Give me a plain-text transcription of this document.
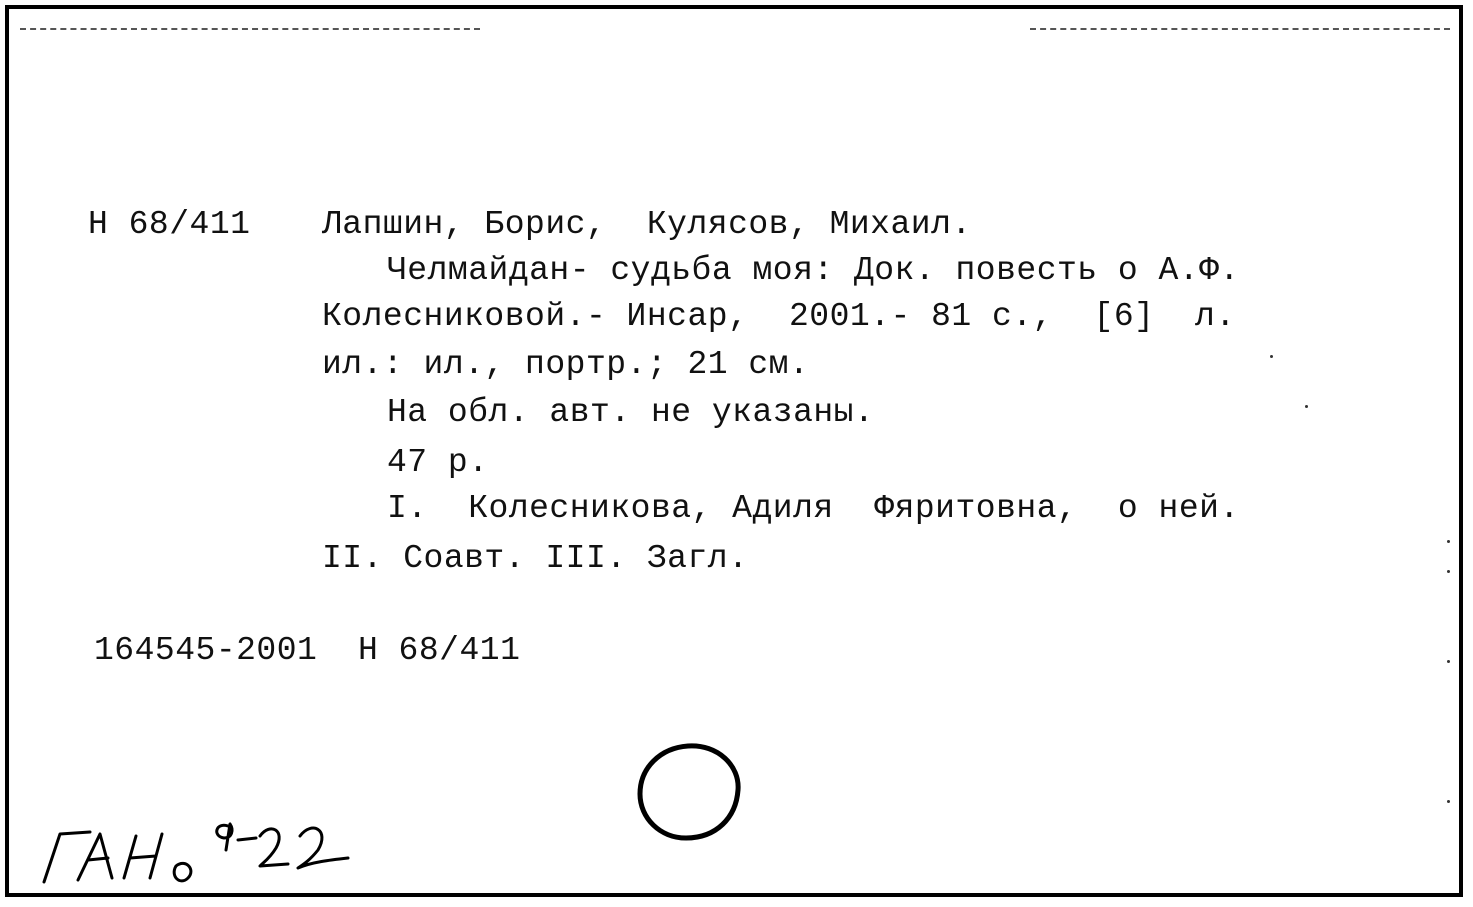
Н 68/411 Лапшин, Борис,  Кулясов, Михаил.
Челмайдан- судьба моя: Док. повесть о А.Ф.
Колесниковой.- Инсар,  2001.- 81 с.,  [6]  л.
ил.: ил., портр.; 21 см.
На обл. авт. не указаны.
47 р.
I.  Колесникова, Адиля  Фяритовна,  о ней.
II. Соавт. III. Загл.
164545-2001  Н 68/411
